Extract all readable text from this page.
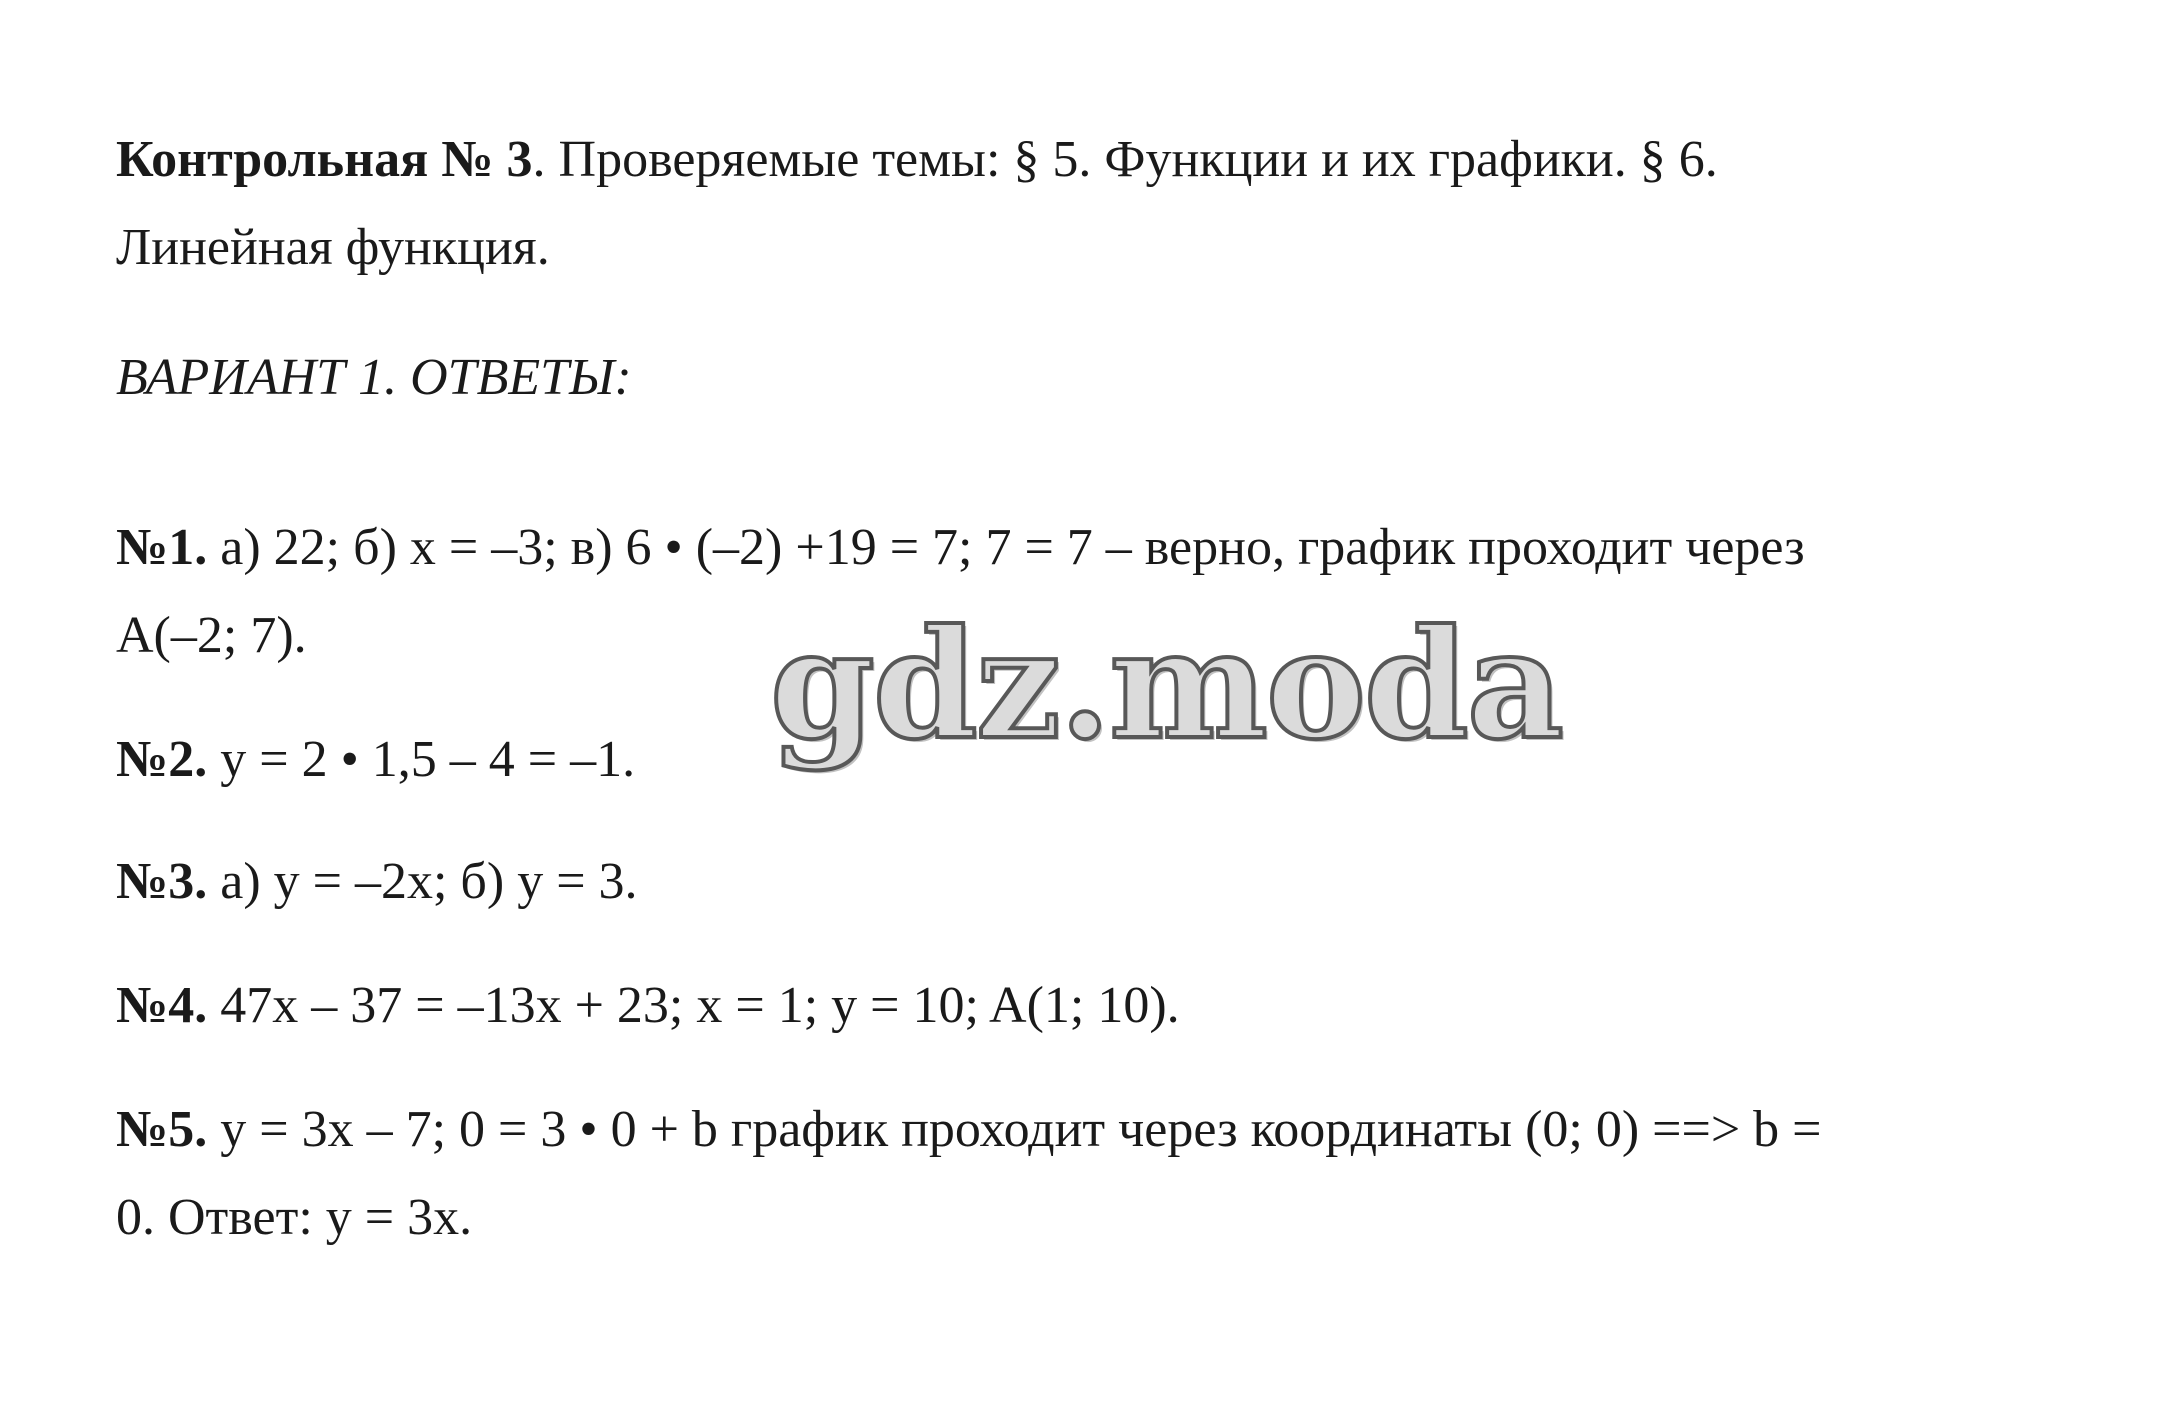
Контрольная № 3. Проверяемые темы: § 5. Функции и их графики. § 6.
Линейная функция.
ВАРИАНТ 1. ОТВЕТЫ:
№1. а) 22; б) x = –3; в) 6 • (–2) +19 = 7; 7 = 7 – верно, график проходит через
A(–2; 7).
№2. y = 2 • 1,5 – 4 = –1.
№3. а) y = –2x; б) y = 3.
№4. 47x – 37 = –13x + 23; x = 1; y = 10; A(1; 10).
№5. y = 3x – 7; 0 = 3 • 0 + b график проходит через координаты (0; 0) ==> b =
0. Ответ: y = 3x.
gdz.moda
